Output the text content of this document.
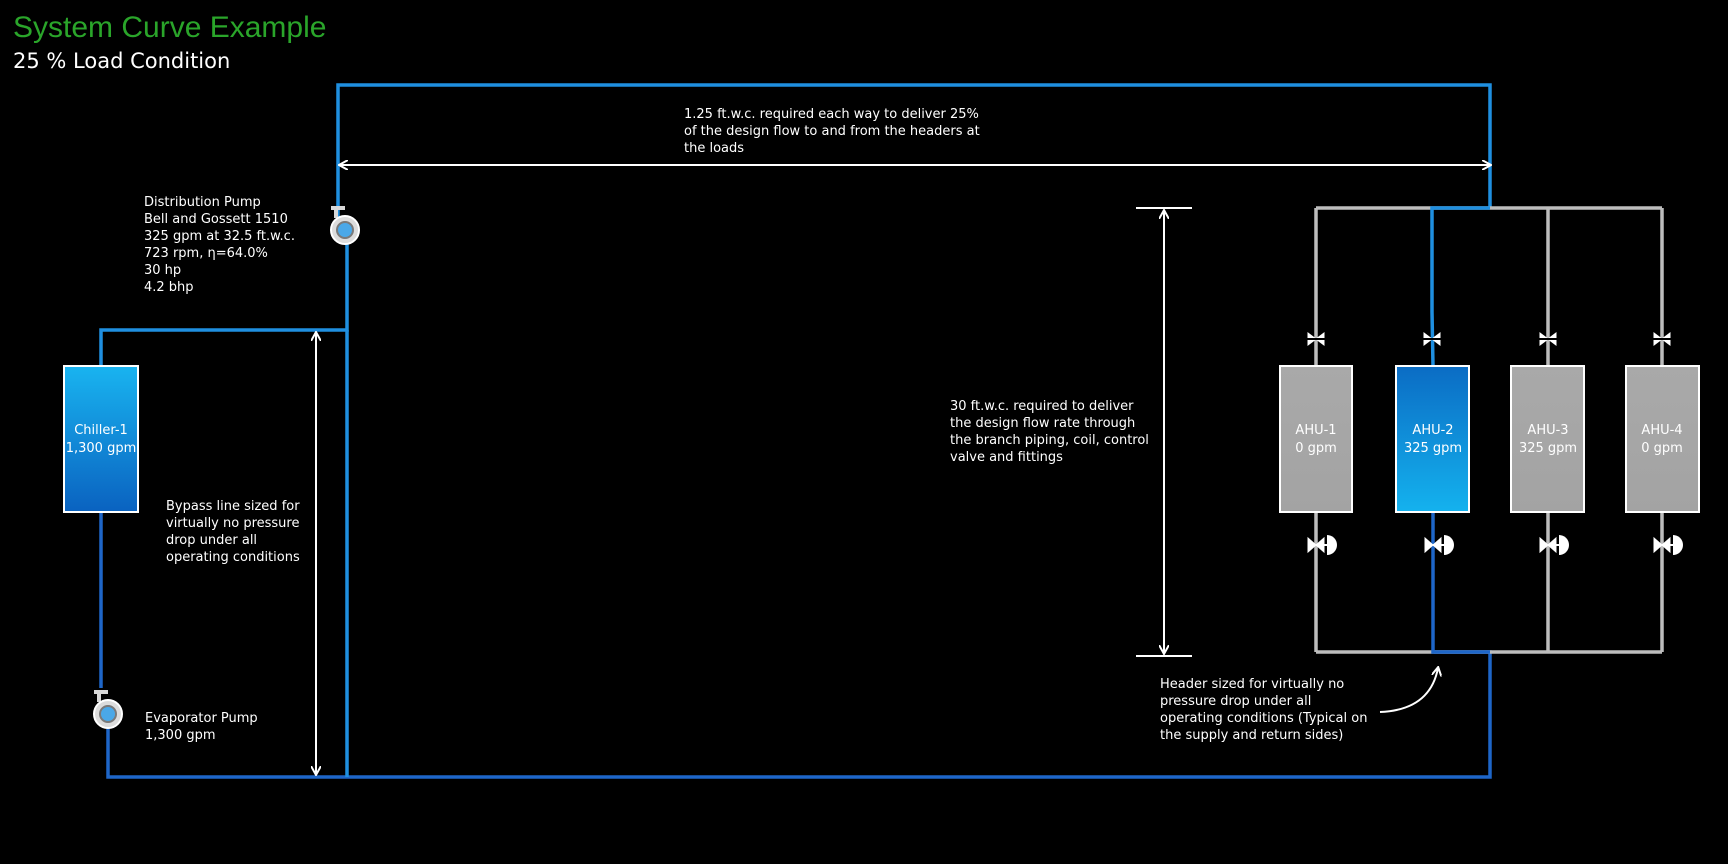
System Curve Example
25 % Load Condition
Chiller-1
1,300 gpm
AHU-1
0 gpm
AHU-2
325 gpm
AHU-3
325 gpm
AHU-4
0 gpm
1.25 ft.w.c. required each way to deliver 25% of the design flow to and from the headers at the loads
30 ft.w.c. required to deliver the design flow rate through the branch piping, coil, control valve and fittings
Bypass line sized for virtually no pressure drop under all operating conditions
Header sized for virtually no pressure drop under all operating conditions (Typical on the supply and return sides)
Distribution Pump Bell and Gossett 1510 325 gpm at 32.5 ft.w.c. 723 rpm, η=64.0% 30 hp 4.2 bhp
Evaporator Pump 1,300 gpm
